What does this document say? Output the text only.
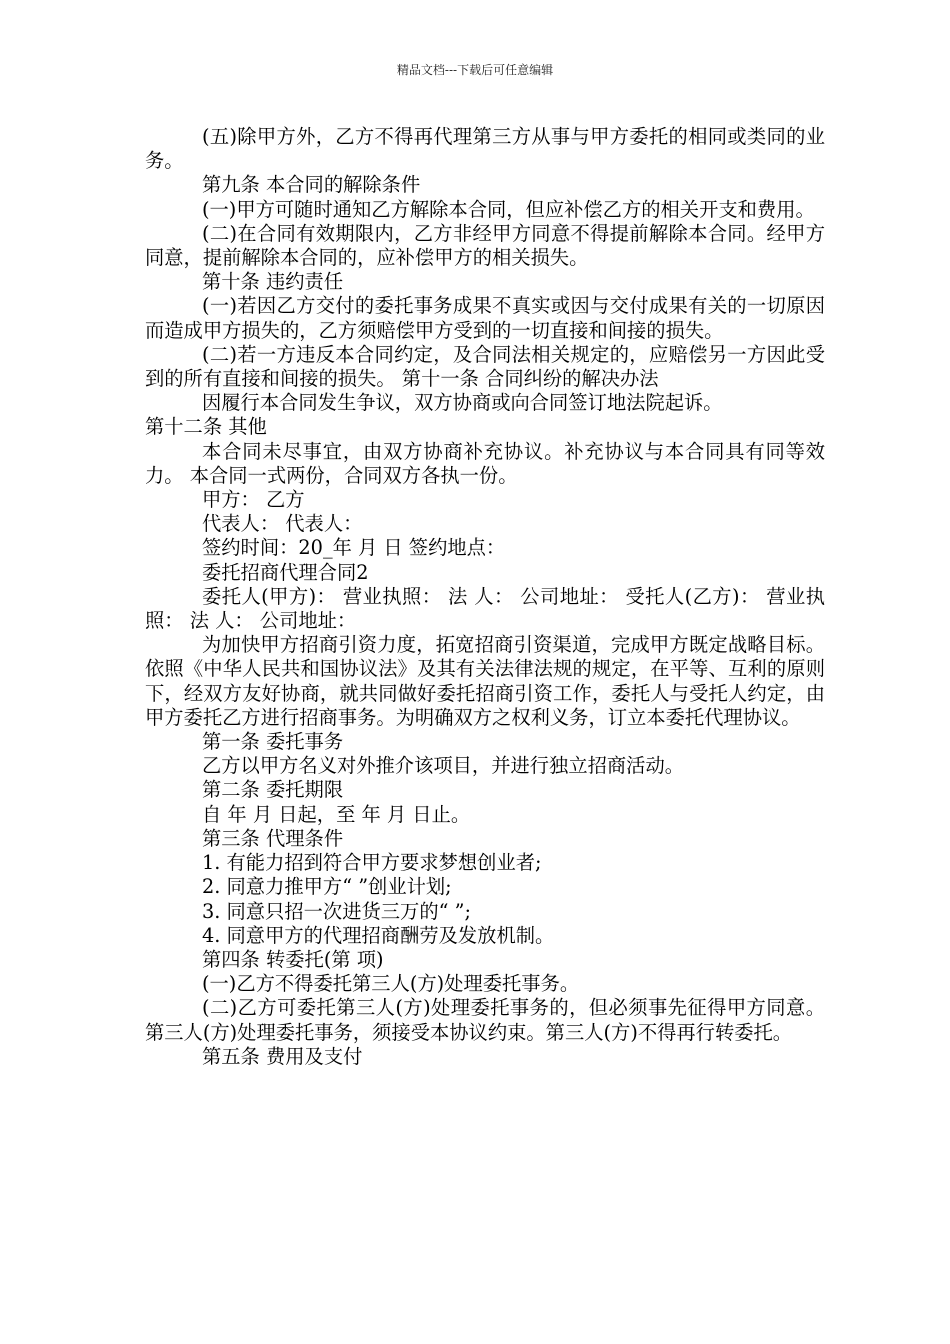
精品文档---下载后可任意编辑

(五)除甲方外，乙方不得再代理第三方从事与甲方委托的相同或类同的业务。

第九条 本合同的解除条件

(一)甲方可随时通知乙方解除本合同，但应补偿乙方的相关开支和费用。

(二)在合同有效期限内，乙方非经甲方同意不得提前解除本合同。经甲方同意，提前解除本合同的，应补偿甲方的相关损失。

第十条 违约责任

(一)若因乙方交付的委托事务成果不真实或因与交付成果有关的一切原因而造成甲方损失的，乙方须赔偿甲方受到的一切直接和间接的损失。

(二)若一方违反本合同约定，及合同法相关规定的，应赔偿另一方因此受到的所有直接和间接的损失。 第十一条 合同纠纷的解决办法

因履行本合同发生争议，双方协商或向合同签订地法院起诉。

第十二条 其他

本合同未尽事宜，由双方协商补充协议。补充协议与本合同具有同等效力。 本合同一式两份，合同双方各执一份。

甲方： 乙方

代表人： 代表人：

签约时间：20_年 月 日 签约地点：

委托招商代理合同2

委托人(甲方)： 营业执照： 法 人： 公司地址： 受托人(乙方)： 营业执照： 法 人： 公司地址：

为加快甲方招商引资力度，拓宽招商引资渠道，完成甲方既定战略目标。依照《中华人民共和国协议法》及其有关法律法规的规定，在平等、互利的原则下，经双方友好协商，就共同做好委托招商引资工作，委托人与受托人约定，由甲方委托乙方进行招商事务。为明确双方之权利义务，订立本委托代理协议。

第一条 委托事务

乙方以甲方名义对外推介该项目，并进行独立招商活动。

第二条 委托期限

自 年 月 日起，至 年 月 日止。

第三条 代理条件

1. 有能力招到符合甲方要求梦想创业者;

2. 同意力推甲方“ ”创业计划;

3. 同意只招一次进货三万的“ ”;

4. 同意甲方的代理招商酬劳及发放机制。

第四条 转委托(第 项)

(一)乙方不得委托第三人(方)处理委托事务。

(二)乙方可委托第三人(方)处理委托事务的，但必须事先征得甲方同意。第三人(方)处理委托事务，须接受本协议约束。第三人(方)不得再行转委托。

第五条 费用及支付
